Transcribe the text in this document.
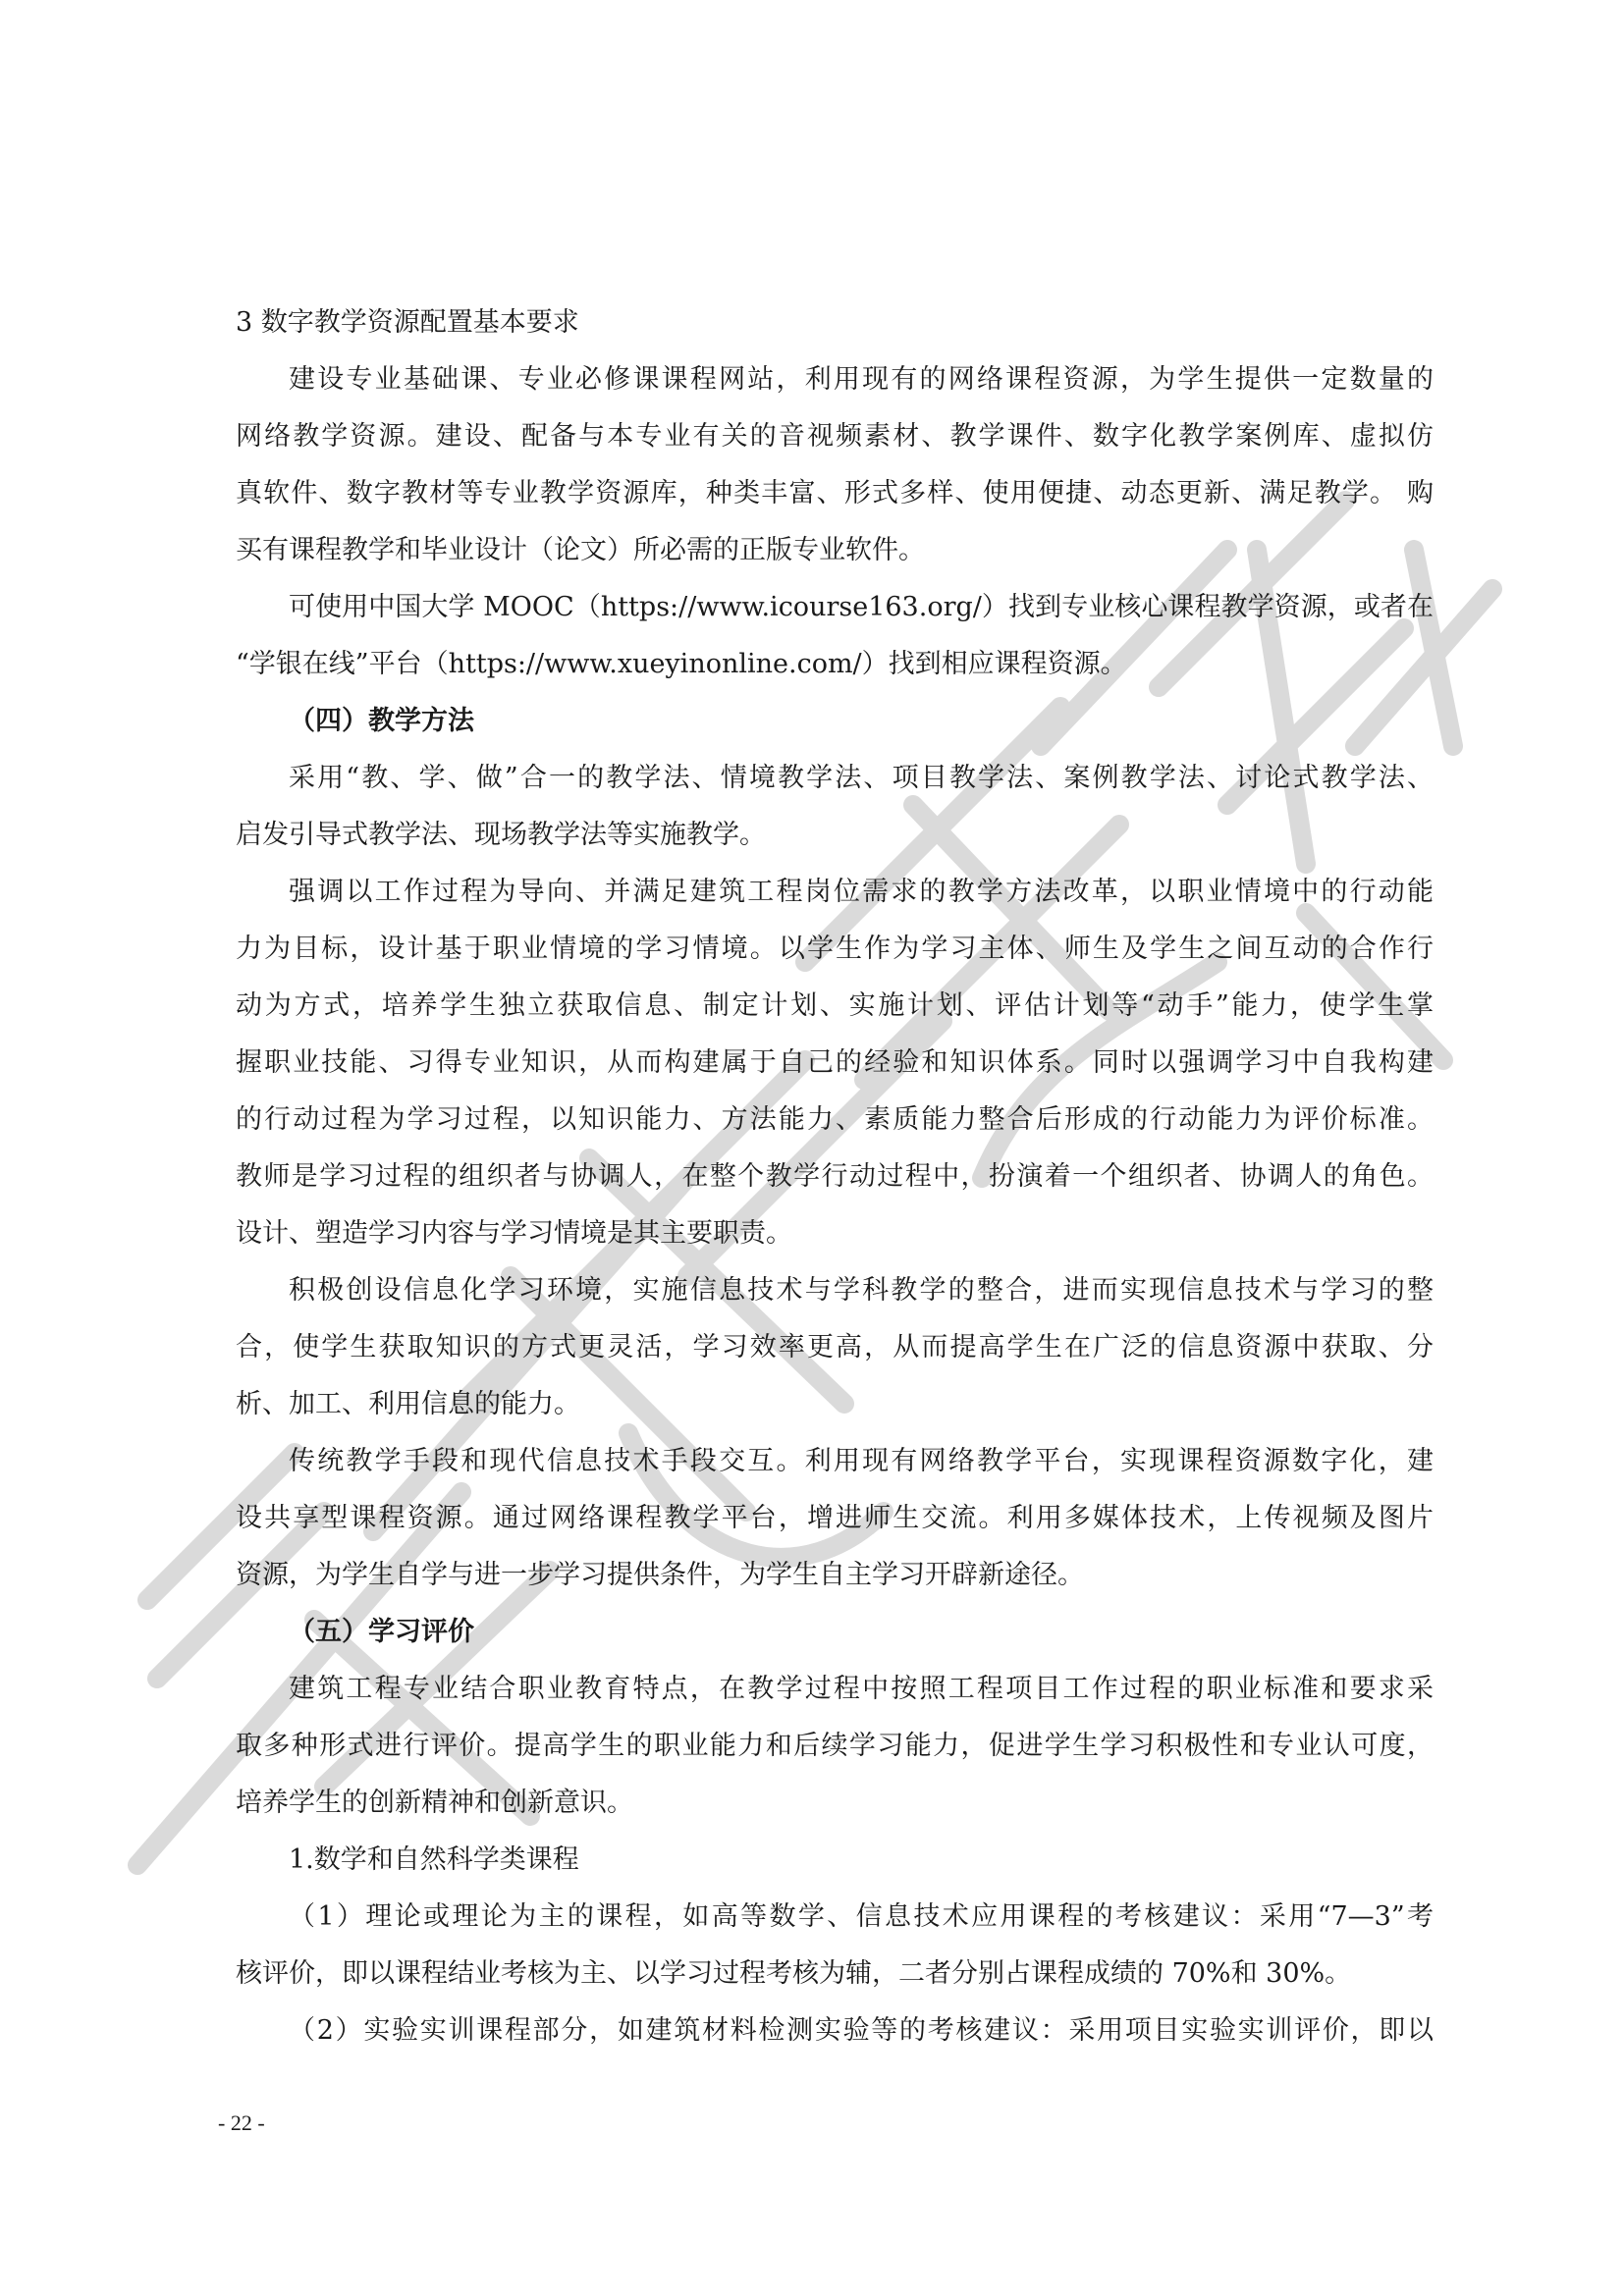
3 数字教学资源配置基本要求
建设专业基础课、专业必修课课程网站，利用现有的网络课程资源，为学生提供一定数量的
网络教学资源。建设、配备与本专业有关的音视频素材、教学课件、数字化教学案例库、虚拟仿
真软件、数字教材等专业教学资源库，种类丰富、形式多样、使用便捷、动态更新、满足教学。 购
买有课程教学和毕业设计（论文）所必需的正版专业软件。
可使用中国大学 MOOC（https://www.icourse163.org/）找到专业核心课程教学资源，或者在
“学银在线”平台（https://www.xueyinonline.com/）找到相应课程资源。
（四）教学方法
采用“教、学、做”合一的教学法、情境教学法、项目教学法、案例教学法、讨论式教学法、
启发引导式教学法、现场教学法等实施教学。
强调以工作过程为导向、并满足建筑工程岗位需求的教学方法改革，以职业情境中的行动能
力为目标，设计基于职业情境的学习情境。以学生作为学习主体、师生及学生之间互动的合作行
动为方式，培养学生独立获取信息、制定计划、实施计划、评估计划等“动手”能力，使学生掌
握职业技能、习得专业知识，从而构建属于自己的经验和知识体系。同时以强调学习中自我构建
的行动过程为学习过程，以知识能力、方法能力、素质能力整合后形成的行动能力为评价标准。
教师是学习过程的组织者与协调人，在整个教学行动过程中，扮演着一个组织者、协调人的角色。
设计、塑造学习内容与学习情境是其主要职责。
积极创设信息化学习环境，实施信息技术与学科教学的整合，进而实现信息技术与学习的整
合，使学生获取知识的方式更灵活，学习效率更高，从而提高学生在广泛的信息资源中获取、分
析、加工、利用信息的能力。
传统教学手段和现代信息技术手段交互。利用现有网络教学平台，实现课程资源数字化，建
设共享型课程资源。通过网络课程教学平台，增进师生交流。利用多媒体技术，上传视频及图片
资源，为学生自学与进一步学习提供条件，为学生自主学习开辟新途径。
（五）学习评价
建筑工程专业结合职业教育特点，在教学过程中按照工程项目工作过程的职业标准和要求采
取多种形式进行评价。提高学生的职业能力和后续学习能力，促进学生学习积极性和专业认可度，
培养学生的创新精神和创新意识。
1.数学和自然科学类课程
（1）理论或理论为主的课程，如高等数学、信息技术应用课程的考核建议：采用“7—3”考
核评价，即以课程结业考核为主、以学习过程考核为辅，二者分别占课程成绩的 70%和 30%。
（2）实验实训课程部分，如建筑材料检测实验等的考核建议：采用项目实验实训评价，即以
- 22 -
